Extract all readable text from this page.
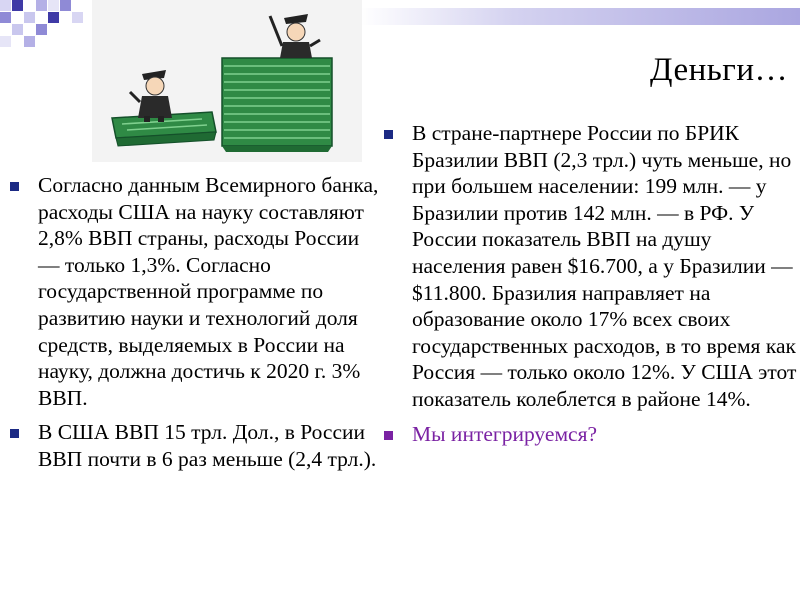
Деньги…
Согласно данным Всемирного банка, расходы США на науку составляют 2,8% ВВП страны, расходы России — только 1,3%. Согласно государственной программе по развитию науки и технологий доля средств, выделяемых в России на науку, должна достичь к 2020 г. 3% ВВП.
В США ВВП 15 трл. Дол., в России ВВП почти в 6 раз меньше (2,4 трл.).
В стране-партнере России по БРИК Бразилии ВВП (2,3 трл.) чуть меньше, но при большем населении: 199 млн. — у Бразилии против 142 млн. — в РФ. У России показатель ВВП на душу населения равен $16.700, а у Бразилии — $11.800. Бразилия направляет на образование около 17% всех своих государственных расходов, в то время как Россия — только около 12%. У США этот показатель колеблется в районе 14%.
Мы интегрируемся?
